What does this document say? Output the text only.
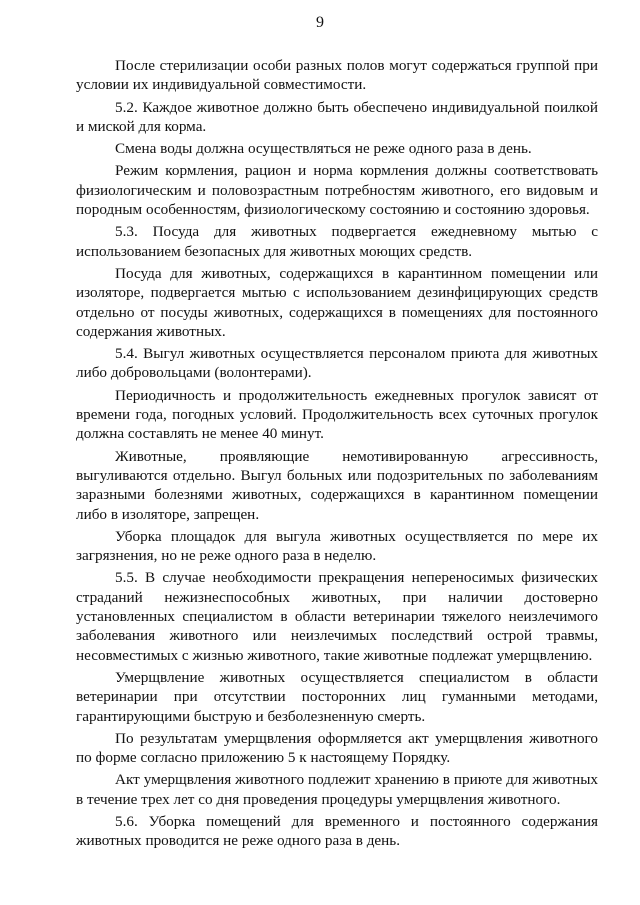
9

После стерилизации особи разных полов могут содержаться группой при условии их индивидуальной совместимости.

5.2. Каждое животное должно быть обеспечено индивидуальной поилкой и миской для корма.

Смена воды должна осуществляться не реже одного раза в день.

Режим кормления, рацион и норма кормления должны соответствовать физиологическим и половозрастным потребностям животного, его видовым и породным особенностям, физиологическому состоянию и состоянию здоровья.

5.3. Посуда для животных подвергается ежедневному мытью с использованием безопасных для животных моющих средств.

Посуда для животных, содержащихся в карантинном помещении или изоляторе, подвергается мытью с использованием дезинфицирующих средств отдельно от посуды животных, содержащихся в помещениях для постоянного содержания животных.

5.4. Выгул животных осуществляется персоналом приюта для животных либо добровольцами (волонтерами).

Периодичность и продолжительность ежедневных прогулок зависят от времени года, погодных условий. Продолжительность всех суточных прогулок должна составлять не менее 40 минут.

Животные, проявляющие немотивированную агрессивность, выгуливаются отдельно. Выгул больных или подозрительных по заболеваниям заразными болезнями животных, содержащихся в карантинном помещении либо в изоляторе, запрещен.

Уборка площадок для выгула животных осуществляется по мере их загрязнения, но не реже одного раза в неделю.

5.5. В случае необходимости прекращения непереносимых физических страданий нежизнеспособных животных, при наличии достоверно установленных специалистом в области ветеринарии тяжелого неизлечимого заболевания животного или неизлечимых последствий острой травмы, несовместимых с жизнью животного, такие животные подлежат умерщвлению.

Умерщвление животных осуществляется специалистом в области ветеринарии при отсутствии посторонних лиц гуманными методами, гарантирующими быструю и безболезненную смерть.

По результатам умерщвления оформляется акт умерщвления животного по форме согласно приложению 5 к настоящему Порядку.

Акт умерщвления животного подлежит хранению в приюте для животных в течение трех лет со дня проведения процедуры умерщвления животного.

5.6. Уборка помещений для временного и постоянного содержания животных проводится не реже одного раза в день.
